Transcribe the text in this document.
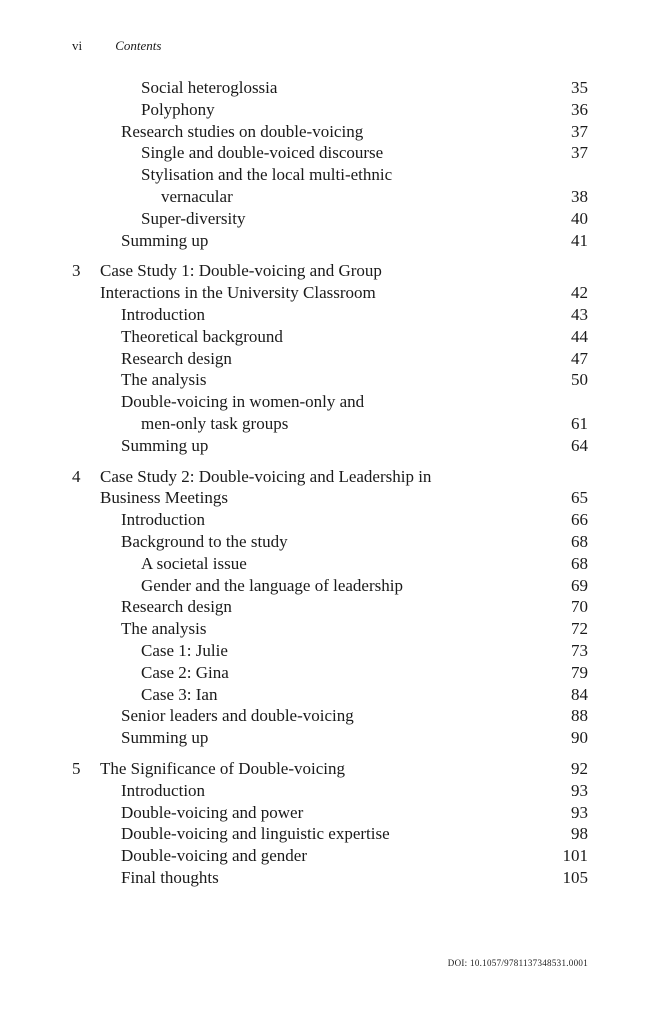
vi	Contents
Social heteroglossia	35
Polyphony	36
Research studies on double-voicing	37
Single and double-voiced discourse	37
Stylisation and the local multi-ethnic
vernacular	38
Super-diversity	40
Summing up	41
3 Case Study 1: Double-voicing and Group
Interactions in the University Classroom	42
Introduction	43
Theoretical background	44
Research design	47
The analysis	50
Double-voicing in women-only and
men-only task groups	61
Summing up	64
4 Case Study 2: Double-voicing and Leadership in
Business Meetings	65
Introduction	66
Background to the study	68
A societal issue	68
Gender and the language of leadership	69
Research design	70
The analysis	72
Case 1: Julie	73
Case 2: Gina	79
Case 3: Ian	84
Senior leaders and double-voicing	88
Summing up	90
5 The Significance of Double-voicing	92
Introduction	93
Double-voicing and power	93
Double-voicing and linguistic expertise	98
Double-voicing and gender	101
Final thoughts	105
DOI: 10.1057/9781137348531.0001
